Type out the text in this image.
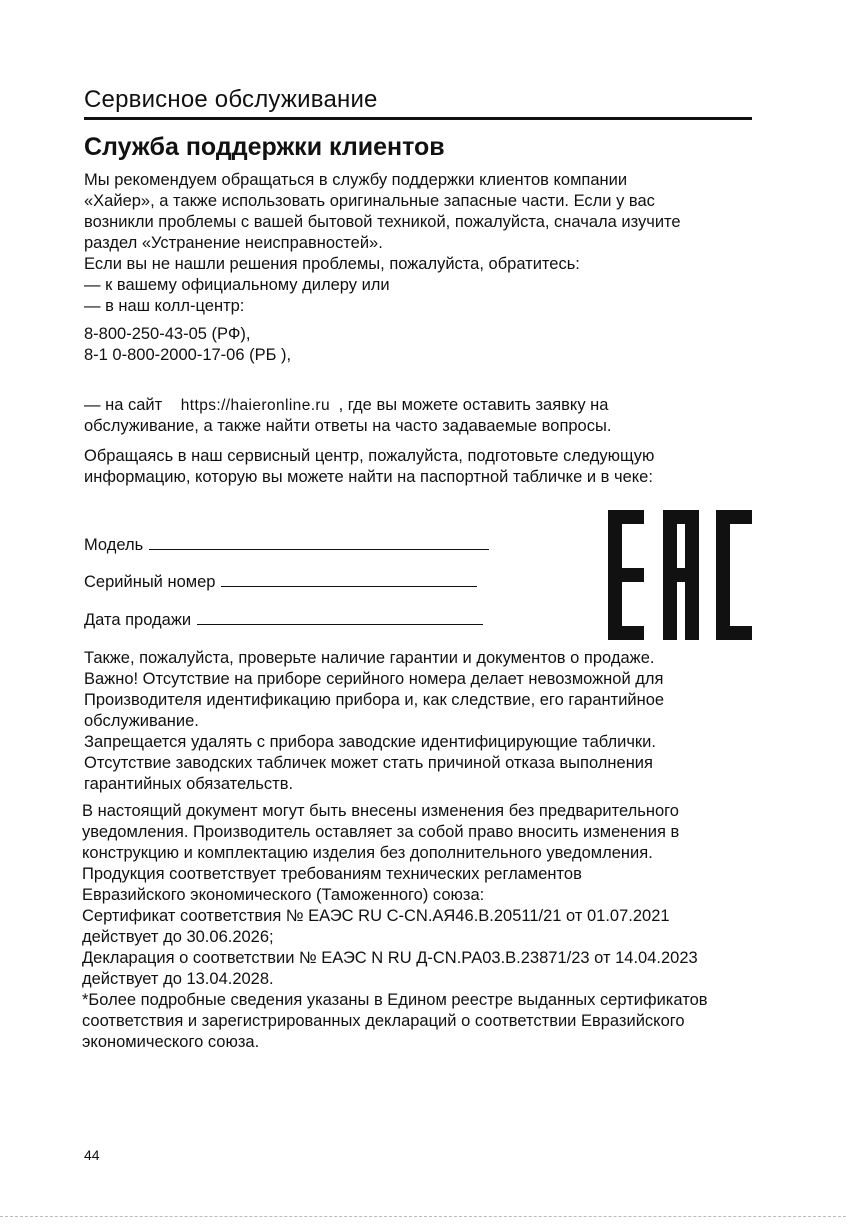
Сервисное обслуживание
Служба поддержки клиентов
Мы рекомендуем обращаться в службу поддержки клиентов компании
«Хайер», а также использовать оригинальные запасные части. Если у вас
возникли проблемы с вашей бытовой техникой, пожалуйста, сначала изучите
раздел «Устранение неисправностей».
Если вы не нашли решения проблемы, пожалуйста, обратитесь:
— к вашему официальному дилеру или
— в наш колл-центр:
8-800-250-43-05 (РФ),
8-1 0-800-2000-17-06 (РБ ),
— на сайт https://haieronline.ru , где вы можете оставить заявку на
обслуживание, а также найти ответы на часто задаваемые вопросы.
Обращаясь в наш сервисный центр, пожалуйста, подготовьте следующую
информацию, которую вы можете найти на паспортной табличке и в чеке:
Модель
Серийный номер
Дата продажи
Также, пожалуйста, проверьте наличие гарантии и документов о продаже.
Важно! Отсутствие на приборе серийного номера делает невозможной для
Производителя идентификацию прибора и, как следствие, его гарантийное
обслуживание.
Запрещается удалять с прибора заводские идентифицирующие таблички.
Отсутствие заводских табличек может стать причиной отказа выполнения
гарантийных обязательств.
В настоящий документ могут быть внесены изменения без предварительного
уведомления. Производитель оставляет за собой право вносить изменения в
конструкцию и комплектацию изделия без дополнительного уведомления.
Продукция соответствует требованиям технических регламентов
Евразийского экономического (Таможенного) союза:
Сертификат соответствия № ЕАЭС RU C-CN.АЯ46.В.20511/21 от 01.07.2021
действует до 30.06.2026;
Декларация о соответствии № ЕАЭС N RU Д-CN.РА03.В.23871/23 от 14.04.2023
действует до 13.04.2028.
*Более подробные сведения указаны в Едином реестре выданных сертификатов
соответствия и зарегистрированных деклараций о соответствии Евразийского
экономического союза.
44
